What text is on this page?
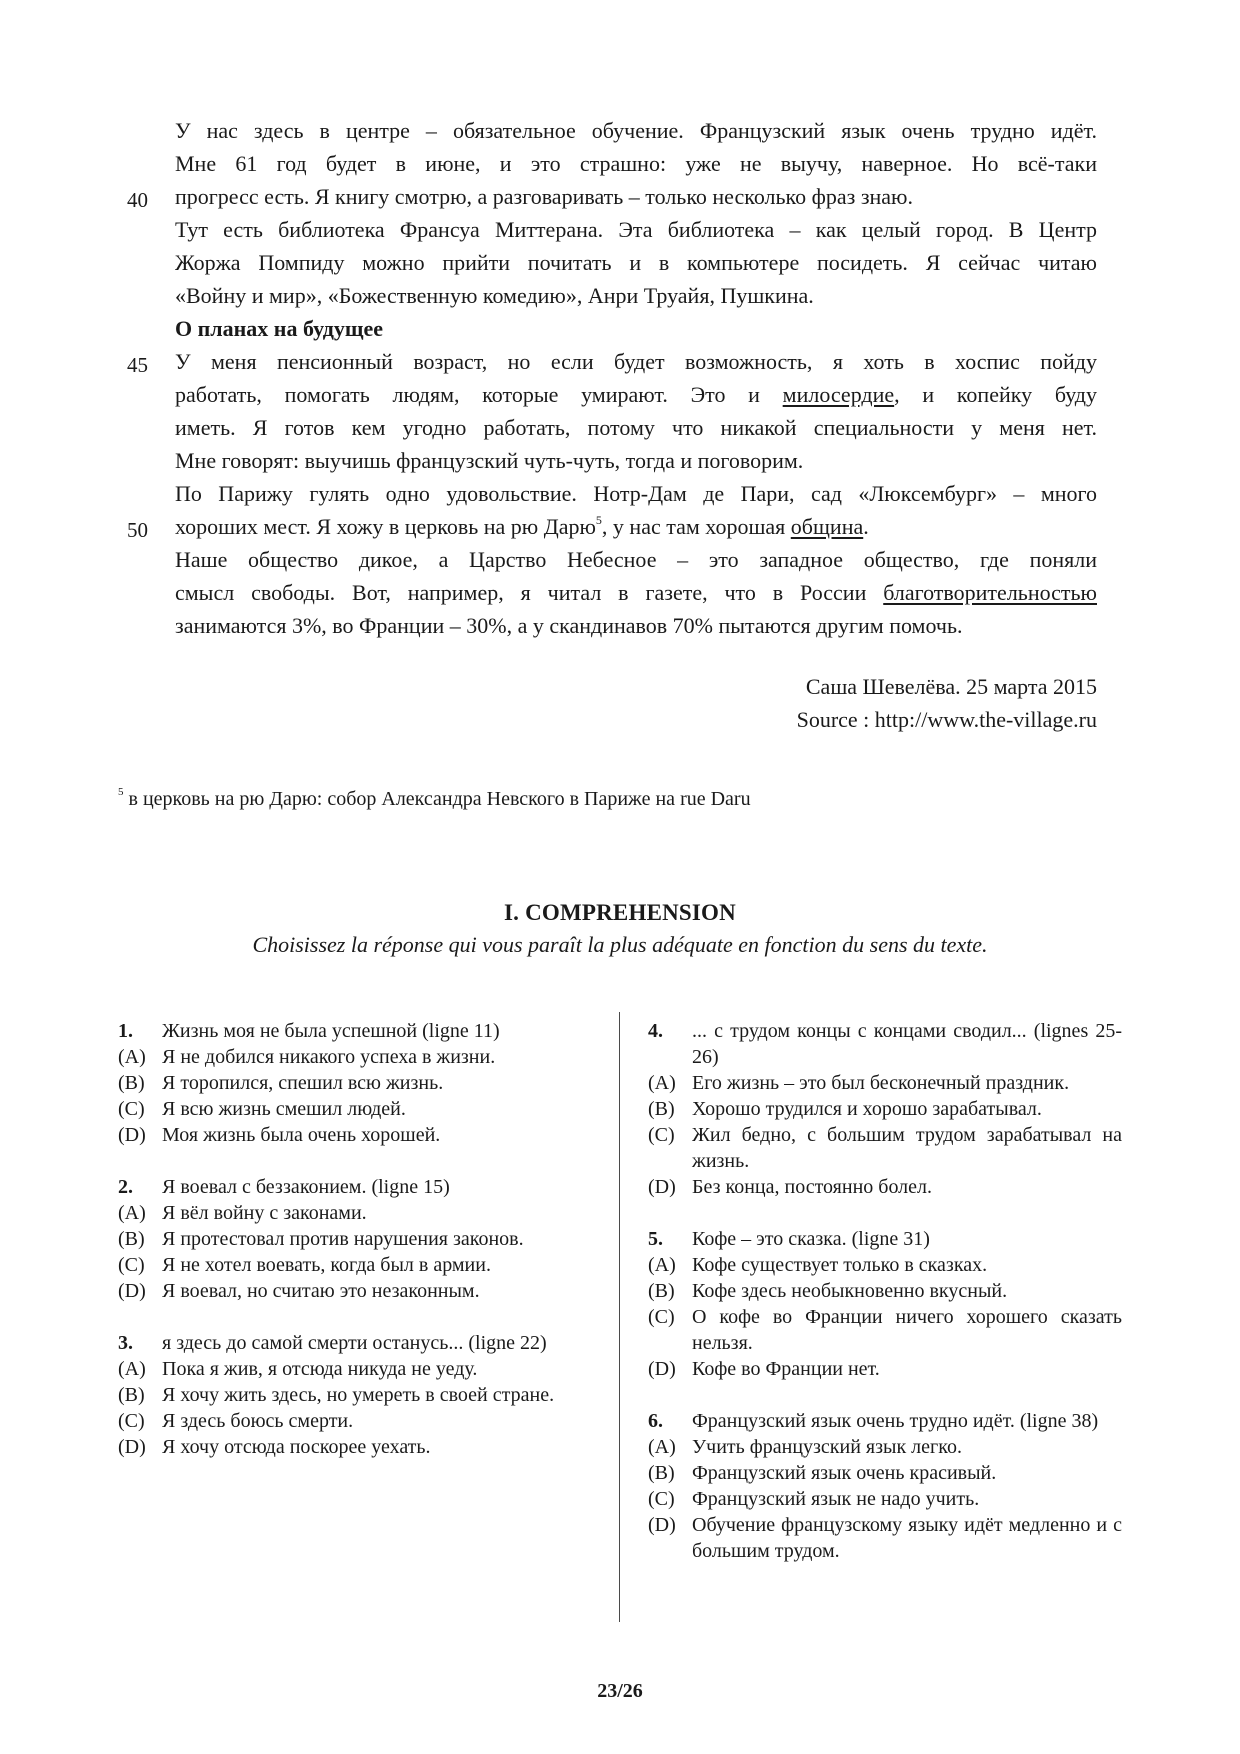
У нас здесь в центре – обязательное обучение. Французский язык очень трудно идёт.
Мне 61 год будет в июне, и это страшно: уже не выучу, наверное. Но всё-таки
40 прогресс есть. Я книгу смотрю, а разговаривать – только несколько фраз знаю.
Тут есть библиотека Франсуа Миттерана. Эта библиотека – как целый город. В Центр
Жоржа Помпиду можно прийти почитать и в компьютере посидеть. Я сейчас читаю
«Войну и мир», «Божественную комедию», Анри Труайя, Пушкина.
О планах на будущее
45 У меня пенсионный возраст, но если будет возможность, я хоть в хоспис пойду
работать, помогать людям, которые умирают. Это и милосердие, и копейку буду
иметь. Я готов кем угодно работать, потому что никакой специальности у меня нет.
Мне говорят: выучишь французский чуть-чуть, тогда и поговорим.
По Парижу гулять одно удовольствие. Нотр-Дам де Пари, сад «Люксембург» – много
50 хороших мест. Я хожу в церковь на рю Дарю$^5$, у нас там хорошая община.
Наше общество дикое, а Царство Небесное – это западное общество, где поняли
смысл свободы. Вот, например, я читал в газете, что в России благотворительностью
занимаются 3%, во Франции – 30%, а у скандинавов 70% пытаются другим помочь.
Саша Шевелёва. 25 марта 2015
Source : http://www.the-village.ru
$^5$ в церковь на рю Дарю: собор Александра Невского в Париже на rue Daru
I. COMPREHENSION
Choisissez la réponse qui vous paraît la plus adéquate en fonction du sens du texte.
1.	Жизнь моя не была успешной (ligne 11)
(A) Я не добился никакого успеха в жизни.
(B) Я торопился, спешил всю жизнь.
(C) Я всю жизнь смешил людей.
(D) Моя жизнь была очень хорошей.
2.	Я воевал с беззаконием. (ligne 15)
(A) Я вёл войну с законами.
(B) Я протестовал против нарушения законов.
(C) Я не хотел воевать, когда был в армии.
(D) Я воевал, но считаю это незаконным.
3.	я здесь до самой смерти останусь... (ligne 22)
(A) Пока я жив, я отсюда никуда не уеду.
(B) Я хочу жить здесь, но умереть в своей стране.
(C) Я здесь боюсь смерти.
(D) Я хочу отсюда поскорее уехать.
4.	... с трудом концы с концами сводил... (lignes 25-26)
(A) Его жизнь – это был бесконечный праздник.
(B) Хорошо трудился и хорошо зарабатывал.
(C) Жил бедно, с большим трудом зарабатывал на жизнь.
(D) Без конца, постоянно болел.
5.	Кофе – это сказка. (ligne 31)
(A) Кофе существует только в сказках.
(B) Кофе здесь необыкновенно вкусный.
(C) О кофе во Франции ничего хорошего сказать нельзя.
(D) Кофе во Франции нет.
6.	Французский язык очень трудно идёт. (ligne 38)
(A) Учить французский язык легко.
(B) Французский язык очень красивый.
(C) Французский язык не надо учить.
(D) Обучение французскому языку идёт медленно и с большим трудом.
23/26
